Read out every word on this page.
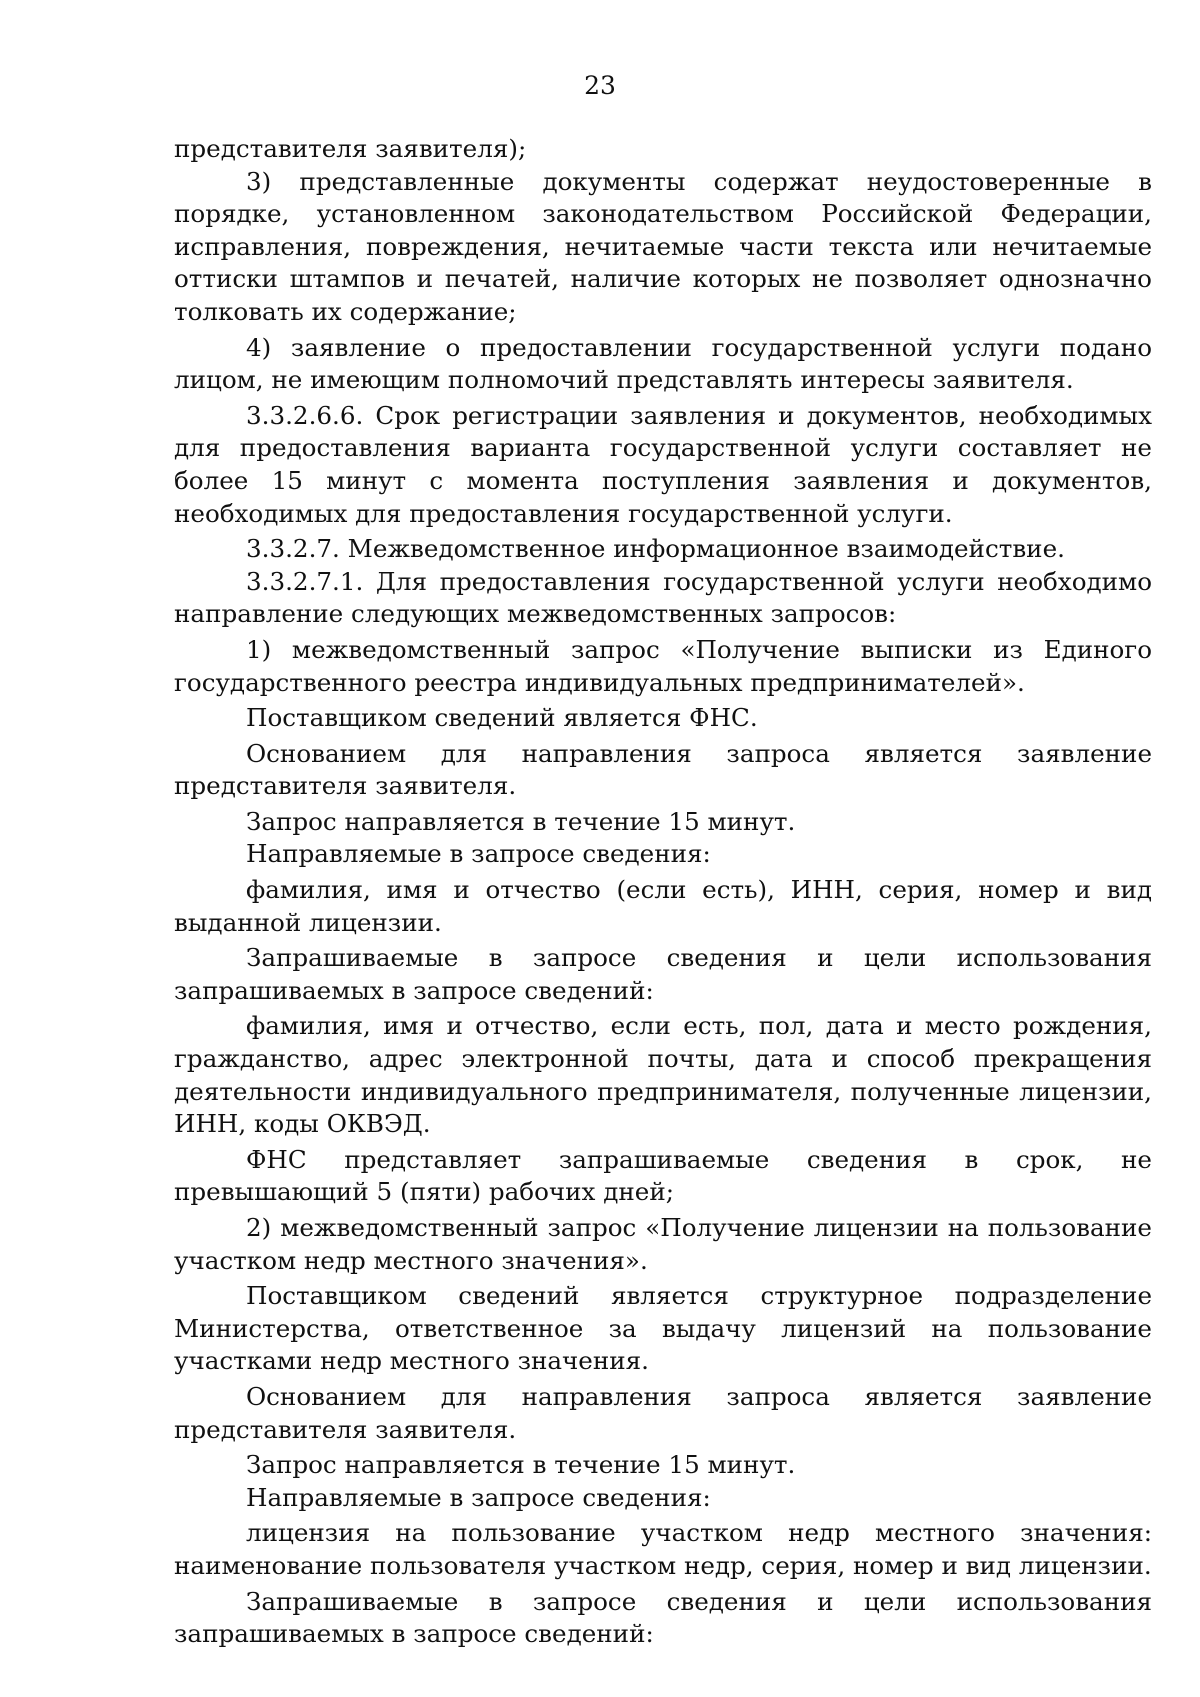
23

представителя заявителя);

3) представленные документы содержат неудостоверенные в порядке, установленном законодательством Российской Федерации, исправления, повреждения, нечитаемые части текста или нечитаемые оттиски штампов и печатей, наличие которых не позволяет однозначно толковать их содержание;

4) заявление о предоставлении государственной услуги подано лицом, не имеющим полномочий представлять интересы заявителя.

3.3.2.6.6. Срок регистрации заявления и документов, необходимых для предоставления варианта государственной услуги составляет не более 15 минут с момента поступления заявления и документов, необходимых для предоставления государственной услуги.

3.3.2.7. Межведомственное информационное взаимодействие.

3.3.2.7.1. Для предоставления государственной услуги необходимо направление следующих межведомственных запросов:

1) межведомственный запрос «Получение выписки из Единого государственного реестра индивидуальных предпринимателей».

Поставщиком сведений является ФНС.

Основанием для направления запроса является заявление представителя заявителя.

Запрос направляется в течение 15 минут.

Направляемые в запросе сведения:

фамилия, имя и отчество (если есть), ИНН, серия, номер и вид выданной лицензии.

Запрашиваемые в запросе сведения и цели использования запрашиваемых в запросе сведений:

фамилия, имя и отчество, если есть, пол, дата и место рождения, гражданство, адрес электронной почты, дата и способ прекращения деятельности индивидуального предпринимателя, полученные лицензии, ИНН, коды ОКВЭД.

ФНС представляет запрашиваемые сведения в срок, не превышающий 5 (пяти) рабочих дней;

2) межведомственный запрос «Получение лицензии на пользование участком недр местного значения».

Поставщиком сведений является структурное подразделение Министерства, ответственное за выдачу лицензий на пользование участками недр местного значения.

Основанием для направления запроса является заявление представителя заявителя.

Запрос направляется в течение 15 минут.

Направляемые в запросе сведения:

лицензия на пользование участком недр местного значения: наименование пользователя участком недр, серия, номер и вид лицензии.

Запрашиваемые в запросе сведения и цели использования запрашиваемых в запросе сведений:
